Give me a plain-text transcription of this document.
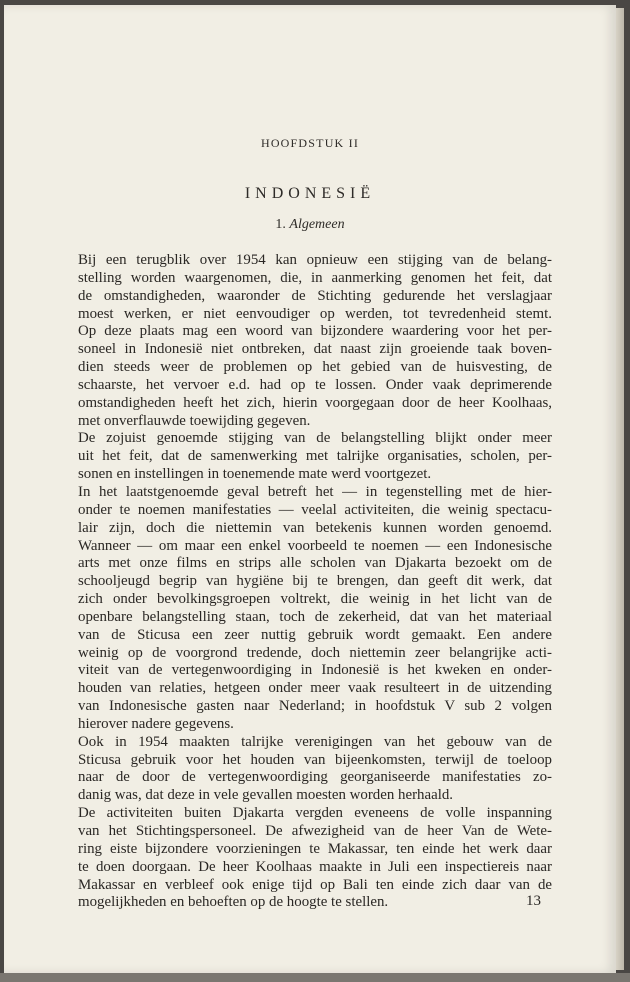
HOOFDSTUK II
INDONESIË
1. Algemeen
Bij een terugblik over 1954 kan opnieuw een stijging van de belang-
stelling worden waargenomen, die, in aanmerking genomen het feit, dat
de omstandigheden, waaronder de Stichting gedurende het verslagjaar
moest werken, er niet eenvoudiger op werden, tot tevredenheid stemt.
Op deze plaats mag een woord van bijzondere waardering voor het per-
soneel in Indonesië niet ontbreken, dat naast zijn groeiende taak boven-
dien steeds weer de problemen op het gebied van de huisvesting, de
schaarste, het vervoer e.d. had op te lossen. Onder vaak deprimerende
omstandigheden heeft het zich, hierin voorgegaan door de heer Koolhaas,
met onverflauwde toewijding gegeven.
De zojuist genoemde stijging van de belangstelling blijkt onder meer
uit het feit, dat de samenwerking met talrijke organisaties, scholen, per-
sonen en instellingen in toenemende mate werd voortgezet.
In het laatstgenoemde geval betreft het — in tegenstelling met de hier-
onder te noemen manifestaties — veelal activiteiten, die weinig spectacu-
lair zijn, doch die niettemin van betekenis kunnen worden genoemd.
Wanneer — om maar een enkel voorbeeld te noemen — een Indonesische
arts met onze films en strips alle scholen van Djakarta bezoekt om de
schooljeugd begrip van hygiëne bij te brengen, dan geeft dit werk, dat
zich onder bevolkingsgroepen voltrekt, die weinig in het licht van de
openbare belangstelling staan, toch de zekerheid, dat van het materiaal
van de Sticusa een zeer nuttig gebruik wordt gemaakt. Een andere
weinig op de voorgrond tredende, doch niettemin zeer belangrijke acti-
viteit van de vertegenwoordiging in Indonesië is het kweken en onder-
houden van relaties, hetgeen onder meer vaak resulteert in de uitzending
van Indonesische gasten naar Nederland; in hoofdstuk V sub 2 volgen
hierover nadere gegevens.
Ook in 1954 maakten talrijke verenigingen van het gebouw van de
Sticusa gebruik voor het houden van bijeenkomsten, terwijl de toeloop
naar de door de vertegenwoordiging georganiseerde manifestaties zo-
danig was, dat deze in vele gevallen moesten worden herhaald.
De activiteiten buiten Djakarta vergden eveneens de volle inspanning
van het Stichtingspersoneel. De afwezigheid van de heer Van de Wete-
ring eiste bijzondere voorzieningen te Makassar, ten einde het werk daar
te doen doorgaan. De heer Koolhaas maakte in Juli een inspectiereis naar
Makassar en verbleef ook enige tijd op Bali ten einde zich daar van de
mogelijkheden en behoeften op de hoogte te stellen.	13
